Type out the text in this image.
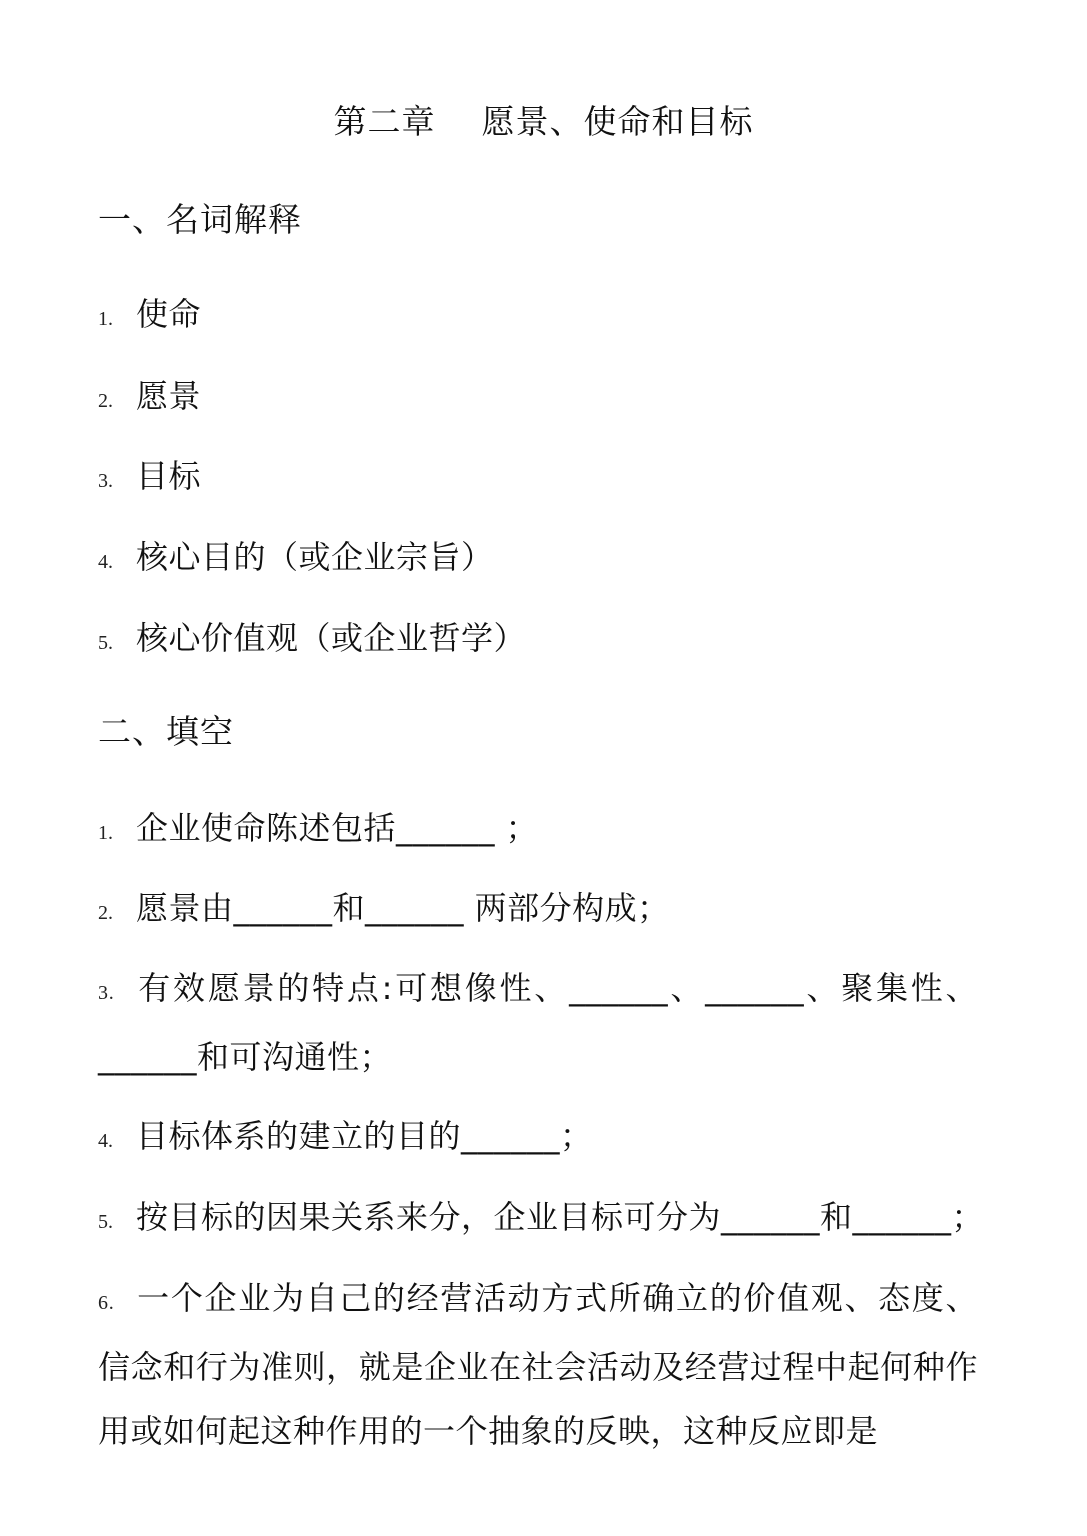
第二章    愿景、使命和目标
一、名词解释
1. 使命
2. 愿景
3. 目标
4. 核心目的（或企业宗旨）
5. 核心价值观（或企业哲学）
二、填空
1. 企业使命陈述包括______ ；
2. 愿景由______和______ 两部分构成；
3. 有效愿景的特点:可想像性、______、______、聚集性、______和可沟通性；
4. 目标体系的建立的目的______；
5. 按目标的因果关系来分，企业目标可分为______和______；
6. 一个企业为自己的经营活动方式所确立的价值观、态度、信念和行为准则，就是企业在社会活动及经营过程中起何种作用或如何起这种作用的一个抽象的反映，这种反应即是
